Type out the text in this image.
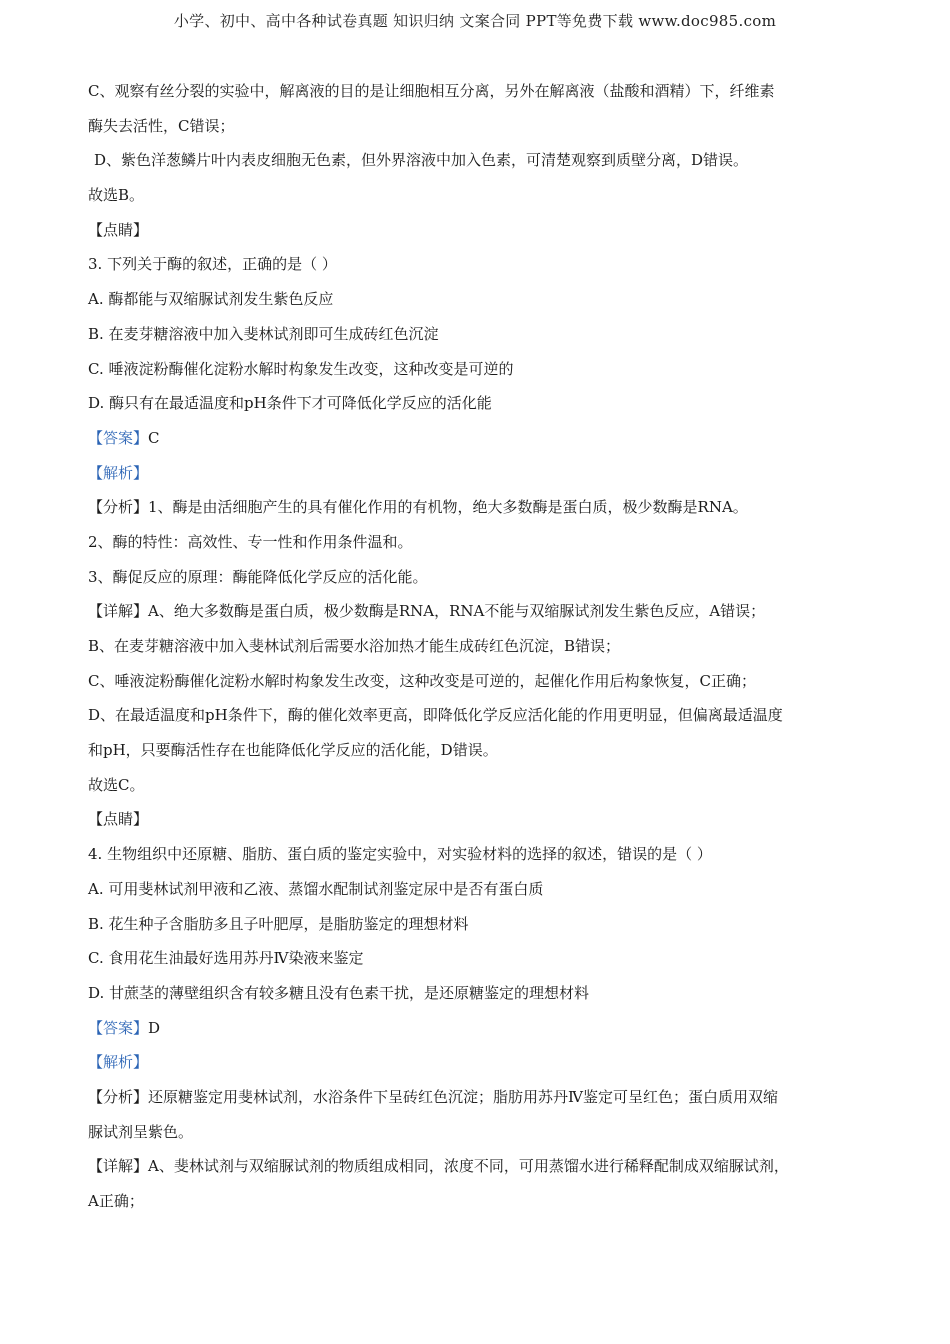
小学、初中、高中各种试卷真题 知识归纳 文案合同 PPT等免费下载 www.doc985.com
C、观察有丝分裂的实验中，解离液的目的是让细胞相互分离，另外在解离液（盐酸和酒精）下，纤维素
酶失去活性，C错误；
D、紫色洋葱鳞片叶内表皮细胞无色素，但外界溶液中加入色素，可清楚观察到质壁分离，D错误。
故选B。
【点睛】
3. 下列关于酶的叙述，正确的是（ ）
A. 酶都能与双缩脲试剂发生紫色反应
B. 在麦芽糖溶液中加入斐林试剂即可生成砖红色沉淀
C. 唾液淀粉酶催化淀粉水解时构象发生改变，这种改变是可逆的
D. 酶只有在最适温度和pH条件下才可降低化学反应的活化能
【答案】C
【解析】
【分析】1、酶是由活细胞产生的具有催化作用的有机物，绝大多数酶是蛋白质，极少数酶是RNA。
2、酶的特性：高效性、专一性和作用条件温和。
3、酶促反应的原理：酶能降低化学反应的活化能。
【详解】A、绝大多数酶是蛋白质，极少数酶是RNA，RNA不能与双缩脲试剂发生紫色反应，A错误；
B、在麦芽糖溶液中加入斐林试剂后需要水浴加热才能生成砖红色沉淀，B错误；
C、唾液淀粉酶催化淀粉水解时构象发生改变，这种改变是可逆的，起催化作用后构象恢复，C正确；
D、在最适温度和pH条件下，酶的催化效率更高，即降低化学反应活化能的作用更明显，但偏离最适温度
和pH，只要酶活性存在也能降低化学反应的活化能，D错误。
故选C。
【点睛】
4. 生物组织中还原糖、脂肪、蛋白质的鉴定实验中，对实验材料的选择的叙述，错误的是（ ）
A. 可用斐林试剂甲液和乙液、蒸馏水配制试剂鉴定尿中是否有蛋白质
B. 花生种子含脂肪多且子叶肥厚，是脂肪鉴定的理想材料
C. 食用花生油最好选用苏丹Ⅳ染液来鉴定
D. 甘蔗茎的薄壁组织含有较多糖且没有色素干扰，是还原糖鉴定的理想材料
【答案】D
【解析】
【分析】还原糖鉴定用斐林试剂，水浴条件下呈砖红色沉淀；脂肪用苏丹Ⅳ鉴定可呈红色；蛋白质用双缩
脲试剂呈紫色。
【详解】A、斐林试剂与双缩脲试剂的物质组成相同，浓度不同，可用蒸馏水进行稀释配制成双缩脲试剂，
A正确；
